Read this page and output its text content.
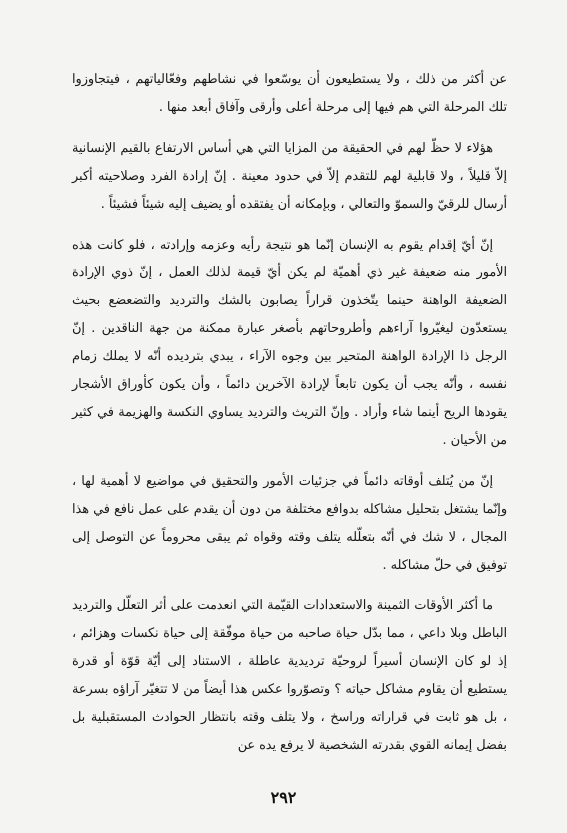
عن أكثر من ذلك ، ولا يستطيعون أن يوسّعوا في نشاطهم وفعّالياتهم ، فيتجاوزوا تلك المرحلة التي هم فيها إلى مرحلة أعلى وأرقى وآفاق أبعد منها .

هؤلاء لا حظّ لهم في الحقيقة من المزايا التي هي أساس الارتفاع بالقيم الإنسانية إلاّ قليلاً ، ولا قابلية لهم للتقدم إلاّ في حدود معينة . إنّ إرادة الفرد وصلاحيته أكبر أرسال للرقيّ والسموّ والتعالي ، وبإمكانه أن يفتقده أو يضيف إليه شيئاً فشيئاً .

إنّ أيّ إقدام يقوم به الإنسان إنّما هو نتيجة رأيه وعزمه وإرادته ، فلو كانت هذه الأمور منه ضعيفة غير ذي أهميّة لم يكن أيّ قيمة لذلك العمل ، إنّ ذوي الإرادة الضعيفة الواهنة حينما يتّخذون قراراً يصابون بالشك والترديد والتضعضع بحيث يستعدّون ليغيّروا آراءهم وأطروحاتهم بأصغر عبارة ممكنة من جهة الناقدين . إنّ الرجل ذا الإرادة الواهنة المتحير بين وجوه الآراء ، يبدي بترديده أنّه لا يملك زمام نفسه ، وأنّه يجب أن يكون تابعاً لإرادة الآخرين دائماً ، وأن يكون كأوراق الأشجار يقودها الريح أينما شاء وأراد . وإنّ التريث والترديد يساوي النكسة والهزيمة في كثير من الأحيان .

إنّ من يُتلف أوقاته دائماً في جزئيات الأمور والتحقيق في مواضيع لا أهمية لها ، وإنّما يشتغل بتحليل مشاكله بدوافع مختلفة من دون أن يقدم على عمل نافع في هذا المجال ، لا شك في أنّه بتعلّله يتلف وقته وقواه ثم يبقى محروماً عن التوصل إلى توفيق في حلّ مشاكله .

ما أكثر الأوقات الثمينة والاستعدادات القيّمة التي انعدمت على أثر التعلّل والترديد الباطل وبلا داعي ، مما بدّل حياة صاحبه من حياة موفّقة إلى حياة نكسات وهزائم ، إذ لو كان الإنسان أسيراً لروحيّة ترديدية عاطلة ، الاستناد إلى أيّة قوّة أو قدرة يستطيع أن يقاوم مشاكل حياته ؟ وتصوّروا عكس هذا أيضاً من لا تتغيّر آراؤه بسرعة ، بل هو ثابت في قراراته وراسخ ، ولا يتلف وقته بانتظار الحوادث المستقبلية بل بفضل إيمانه القوي بقدرته الشخصية لا يرفع يده عن

٢٩٢
